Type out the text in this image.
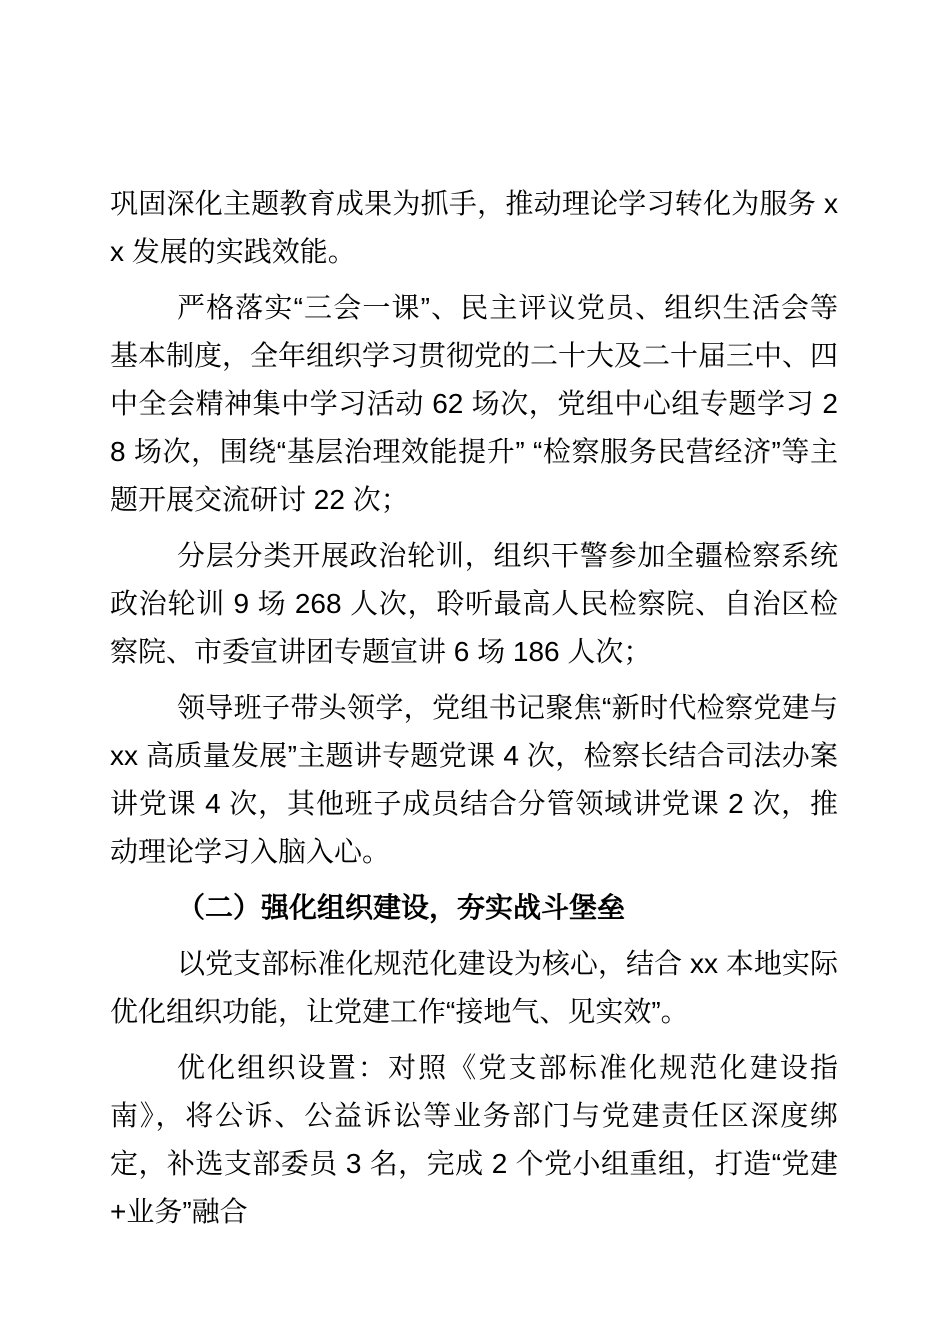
巩固深化主题教育成果为抓手，推动理论学习转化为服务 xx 发展的实践效能。

严格落实“三会一课”、民主评议党员、组织生活会等基本制度，全年组织学习贯彻党的二十大及二十届三中、四中全会精神集中学习活动 62 场次，党组中心组专题学习 28 场次，围绕“基层治理效能提升” “检察服务民营经济”等主题开展交流研讨 22 次；

分层分类开展政治轮训，组织干警参加全疆检察系统政治轮训 9 场 268 人次，聆听最高人民检察院、自治区检察院、市委宣讲团专题宣讲 6 场 186 人次；

领导班子带头领学，党组书记聚焦“新时代检察党建与 xx 高质量发展”主题讲专题党课 4 次，检察长结合司法办案讲党课 4 次，其他班子成员结合分管领域讲党课 2 次，推动理论学习入脑入心。

（二）强化组织建设，夯实战斗堡垒

以党支部标准化规范化建设为核心，结合 xx 本地实际优化组织功能，让党建工作“接地气、见实效”。

优化组织设置：对照《党支部标准化规范化建设指南》，将公诉、公益诉讼等业务部门与党建责任区深度绑定，补选支部委员 3 名，完成 2 个党小组重组，打造“党建+业务”融合
